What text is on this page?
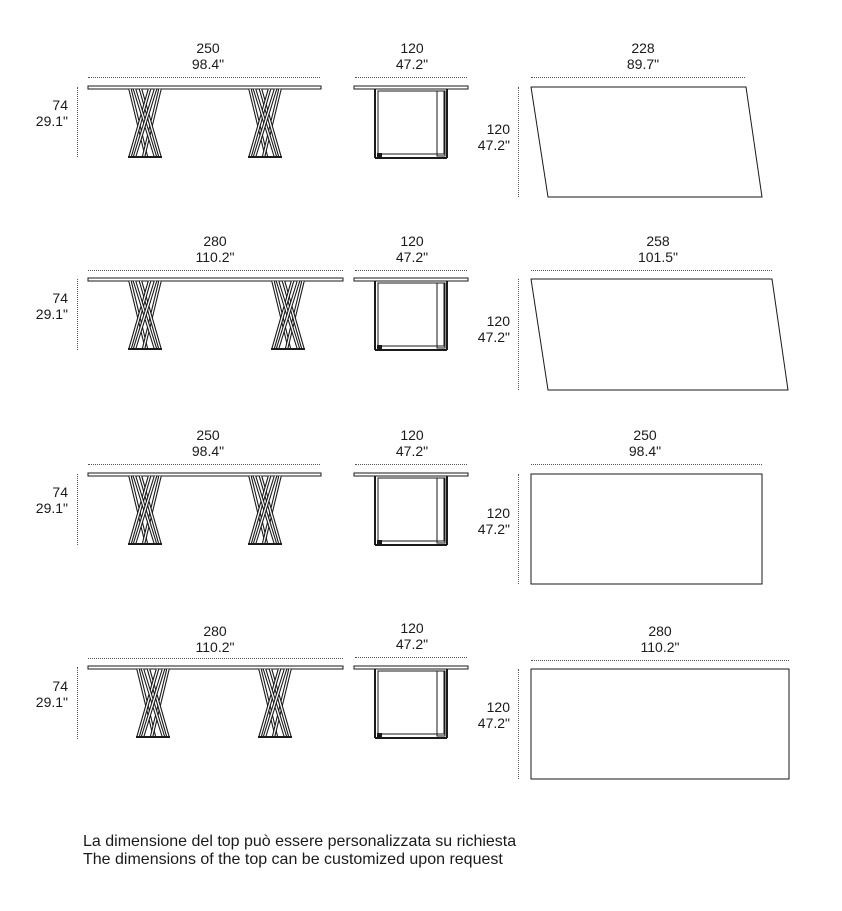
250
98.4"
74
29.1"
120
47.2"
228
89.7"
120
47.2"
280
110.2"
74
29.1"
120
47.2"
258
101.5"
120
47.2"
250
98.4"
74
29.1"
120
47.2"
250
98.4"
120
47.2"
280
110.2"
74
29.1"
120
47.2"
280
110.2"
120
47.2"
La dimensione del top può essere personalizzata su richiesta
The dimensions of the top can be customized upon request
